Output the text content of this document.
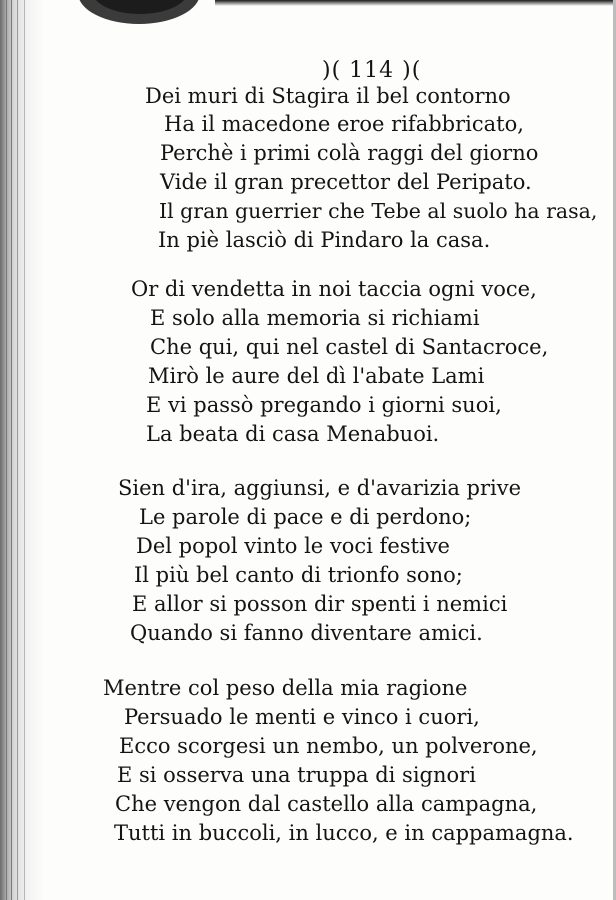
)( 114 )(
Dei muri di Stagira il bel contorno
Ha il macedone eroe rifabbricato,
Perchè i primi colà raggi del giorno
Vide il gran precettor del Peripato.
Il gran guerrier che Tebe al suolo ha rasa,
In piè lasciò di Pindaro la casa.
Or di vendetta in noi taccia ogni voce,
E solo alla memoria si richiami
Che qui, qui nel castel di Santacroce,
Mirò le aure del dì l'abate Lami
E vi passò pregando i giorni suoi,
La beata di casa Menabuoi.
Sien d'ira, aggiunsi, e d'avarizia prive
Le parole di pace e di perdono;
Del popol vinto le voci festive
Il più bel canto di trionfo sono;
E allor si posson dir spenti i nemici
Quando si fanno diventare amici.
Mentre col peso della mia ragione
Persuado le menti e vinco i cuori,
Ecco scorgesi un nembo, un polverone,
E si osserva una truppa di signori
Che vengon dal castello alla campagna,
Tutti in buccoli, in lucco, e in cappamagna.
